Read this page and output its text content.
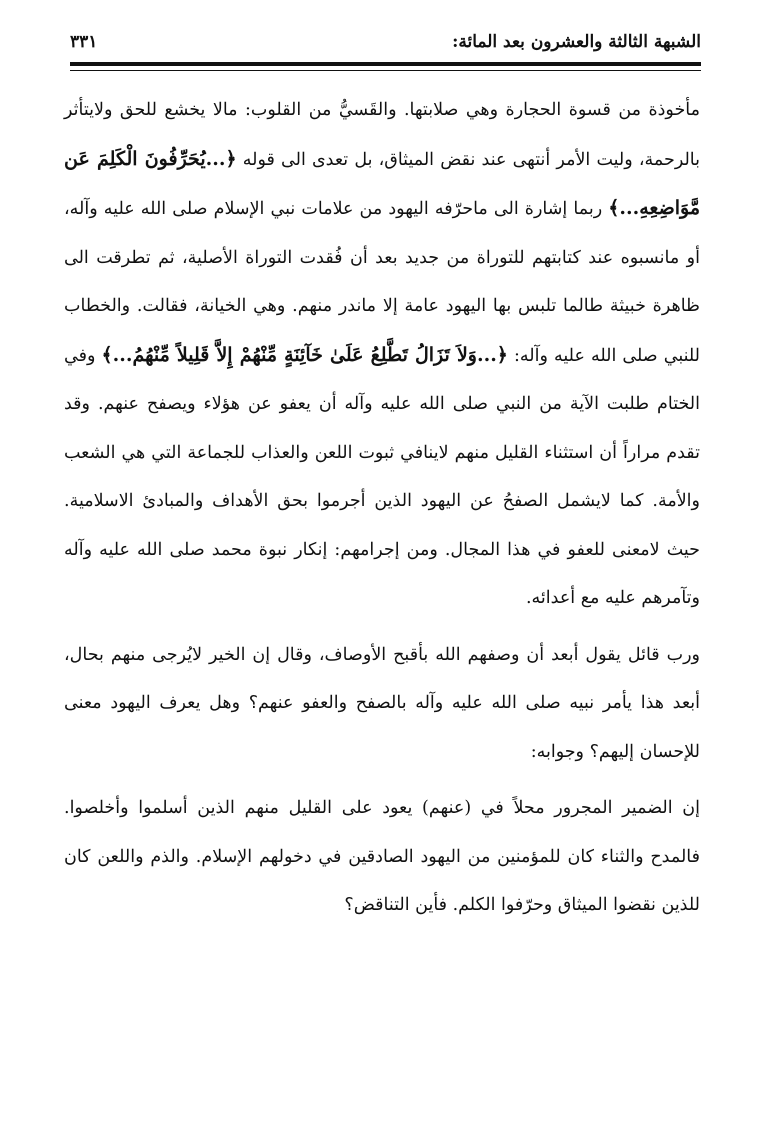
الشبهة الثالثة والعشرون بعد المائة:
٣٣١

مأخوذة من قسوة الحجارة وهي صلابتها. والقَسيُّ من القلوب: مالا يخشع للحق ولايتأثر بالرحمة، وليت الأمر أنتهى عند نقض الميثاق، بل تعدى الى قوله ﴿...يُحَرِّفُونَ الْكَلِمَ عَن مَّوَاضِعِهِ...﴾ ربما إشارة الى ماحرّفه اليهود من علامات نبي الإسلام صلى الله عليه وآله، أو مانسبوه عند كتابتهم للتوراة من جديد بعد أن فُقدت التوراة الأصلية، ثم تطرقت الى ظاهرة خبيثة طالما تلبس بها اليهود عامة إلا ماندر منهم. وهي الخيانة، فقالت. والخطاب للنبي صلى الله عليه وآله: ﴿...وَلاَ تَزَالُ تَطَّلِعُ عَلَىٰ خَآئِنَةٍ مِّنْهُمْ إِلاَّ قَلِيلاً مِّنْهُمُ...﴾ وفي الختام طلبت الآية من النبي صلى الله عليه وآله أن يعفو عن هؤلاء ويصفح عنهم. وقد تقدم مراراً أن استثناء القليل منهم لاينافي ثبوت اللعن والعذاب للجماعة التي هي الشعب والأمة. كما لايشمل الصفحُ عن اليهود الذين أجرموا بحق الأهداف والمبادئ الاسلامية. حيث لامعنى للعفو في هذا المجال. ومن إجرامهم: إنكار نبوة محمد صلى الله عليه وآله وتآمرهم عليه مع أعدائه.

ورب قائل يقول أبعد أن وصفهم الله بأقبح الأوصاف، وقال إن الخير لايُرجى منهم بحال، أبعد هذا يأمر نبيه صلى الله عليه وآله بالصفح والعفو عنهم؟ وهل يعرف اليهود معنى للإحسان إليهم؟ وجوابه:

إن الضمير المجرور محلاً في (عنهم) يعود على القليل منهم الذين أسلموا وأخلصوا. فالمدح والثناء كان للمؤمنين من اليهود الصادقين في دخولهم الإسلام. والذم واللعن كان للذين نقضوا الميثاق وحرّفوا الكلم. فأين التناقض؟
